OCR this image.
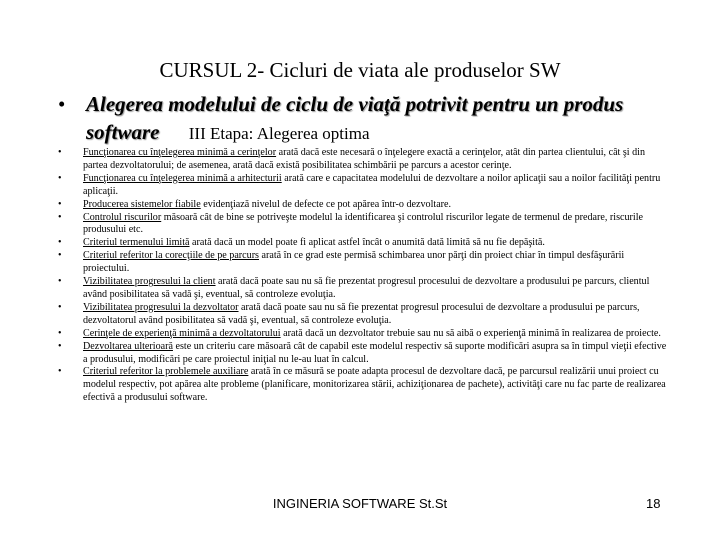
CURSUL 2- Cicluri de viata ale produselor SW
• Alegerea modelului de ciclu de viaţă potrivit pentru un produs software III Etapa: Alegerea optima
• Funcţionarea cu înţelegerea minimă a cerinţelor arată dacă este necesară o înţelegere exactă a cerinţelor, atât din partea clientului, cât şi din partea dezvoltatorului; de asemenea, arată dacă există posibilitatea schimbării pe parcurs a acestor cerinţe.
• Funcţionarea cu înţelegerea minimă a arhitecturii arată care e capacitatea modelului de dezvoltare a noilor aplicaţii sau a noilor facilităţi pentru aplicaţii.
• Producerea sistemelor fiabile evidenţiază nivelul de defecte ce pot apărea într-o dezvoltare.
• Controlul riscurilor măsoară cât de bine se potriveşte modelul la identificarea şi controlul riscurilor legate de termenul de predare, riscurile produsului etc.
• Criteriul termenului limită arată dacă un model poate fi aplicat astfel încât o anumită dată limită să nu fie depăşită.
• Criteriul referitor la corecţiile de pe parcurs arată în ce grad este permisă schimbarea unor părţi din proiect chiar în timpul desfăşurării proiectului.
• Vizibilitatea progresului la client arată dacă poate sau nu să fie prezentat progresul procesului de dezvoltare a produsului pe parcurs, clientul având posibilitatea să vadă şi, eventual, să controleze evoluţia.
• Vizibilitatea progresului la dezvoltator arată dacă poate sau nu să fie prezentat progresul procesului de dezvoltare a produsului pe parcurs, dezvoltatorul având posibilitatea să vadă şi, eventual, să controleze evoluţia.
• Cerinţele de experienţă minimă a dezvoltatorului arată dacă un dezvoltator trebuie sau nu să aibă o experienţă minimă în realizarea de proiecte.
• Dezvoltarea ulterioară este un criteriu care măsoară cât de capabil este modelul respectiv să suporte modificări asupra sa în timpul vieţii efective a produsului, modificări pe care proiectul iniţial nu le-au luat în calcul.
• Criteriul referitor la problemele auxiliare arată în ce măsură se poate adapta procesul de dezvoltare dacă, pe parcursul realizării unui proiect cu modelul respectiv, pot apărea alte probleme (planificare, monitorizarea stării, achiziţionarea de pachete), activităţi care nu fac parte de realizarea efectivă a produsului software.
INGINERIA SOFTWARE St.St	18
